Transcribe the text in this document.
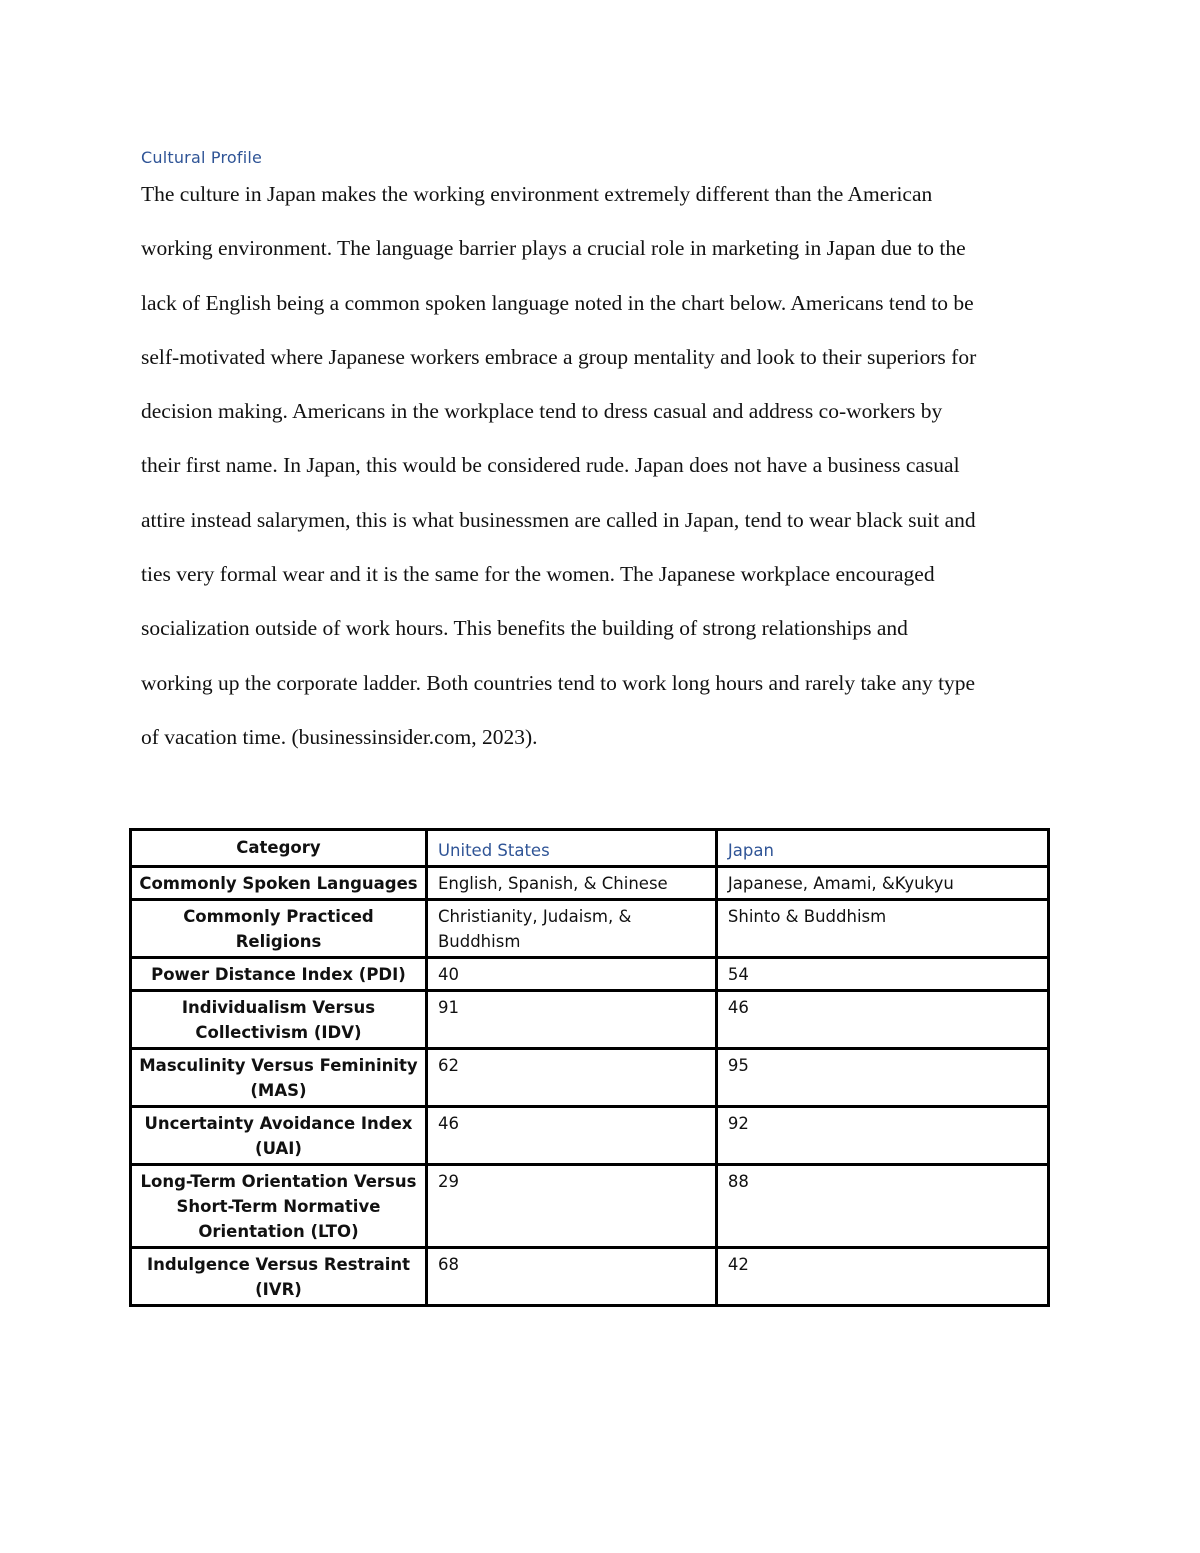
Cultural Profile

The culture in Japan makes the working environment extremely different than the American
working environment. The language barrier plays a crucial role in marketing in Japan due to the
lack of English being a common spoken language noted in the chart below. Americans tend to be
self-motivated where Japanese workers embrace a group mentality and look to their superiors for
decision making. Americans in the workplace tend to dress casual and address co-workers by
their first name. In Japan, this would be considered rude. Japan does not have a business casual
attire instead salarymen, this is what businessmen are called in Japan, tend to wear black suit and
ties very formal wear and it is the same for the women. The Japanese workplace encouraged
socialization outside of work hours. This benefits the building of strong relationships and
working up the corporate ladder. Both countries tend to work long hours and rarely take any type
of vacation time. (businessinsider.com, 2023).

Category	United States	Japan
Commonly Spoken Languages	English, Spanish, & Chinese	Japanese, Amami, &Kyukyu
Commonly Practiced Religions	Christianity, Judaism, & Buddhism	Shinto & Buddhism
Power Distance Index (PDI)	40	54
Individualism Versus Collectivism (IDV)	91	46
Masculinity Versus Femininity (MAS)	62	95
Uncertainty Avoidance Index (UAI)	46	92
Long-Term Orientation Versus Short-Term Normative Orientation (LTO)	29	88
Indulgence Versus Restraint (IVR)	68	42
